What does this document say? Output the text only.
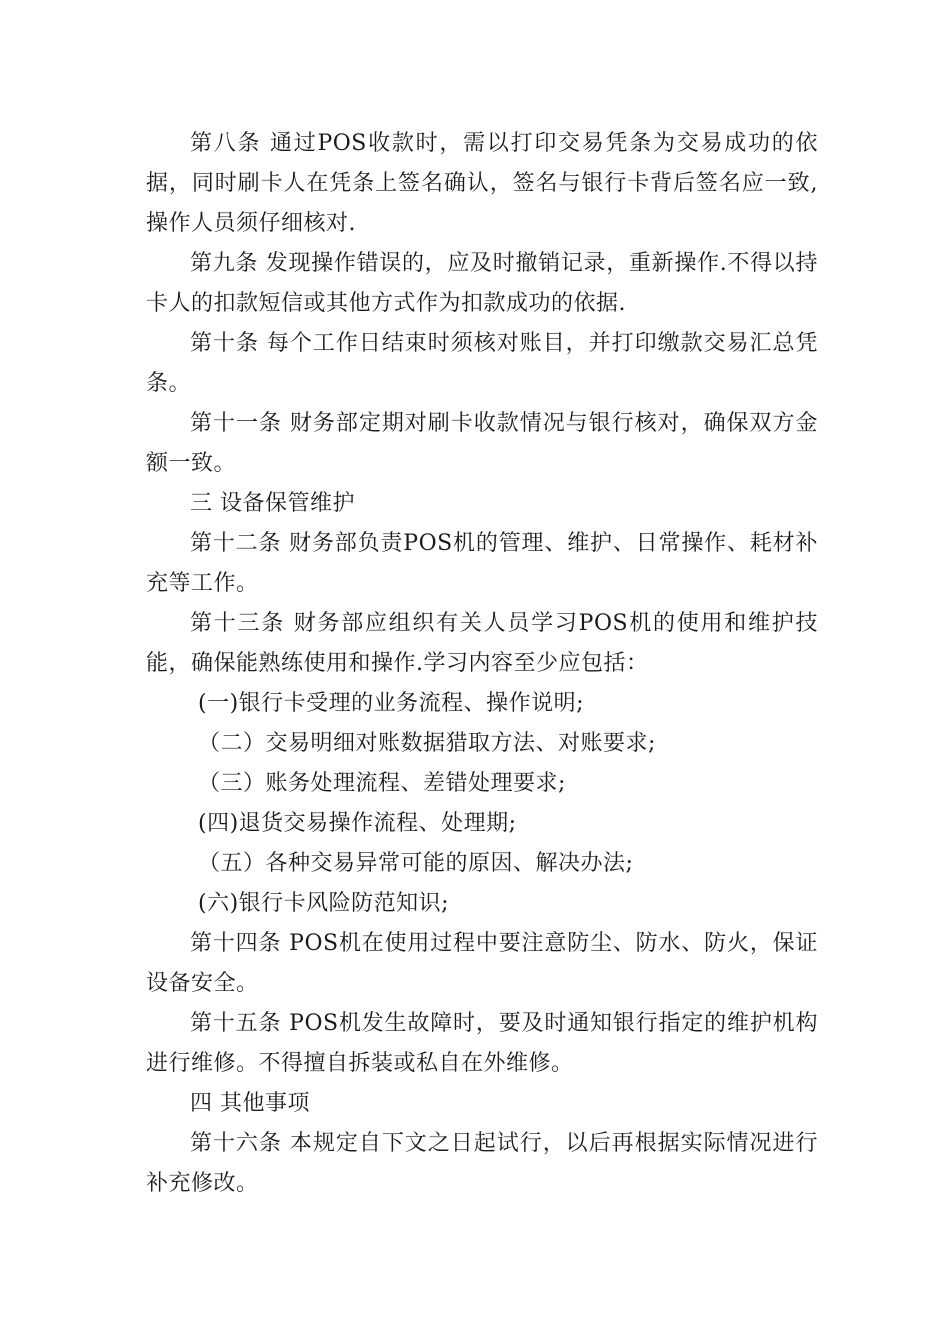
第八条 通过POS收款时，需以打印交易凭条为交易成功的依据，同时刷卡人在凭条上签名确认，签名与银行卡背后签名应一致, 操作人员须仔细核对.

第九条 发现操作错误的，应及时撤销记录，重新操作.不得以持卡人的扣款短信或其他方式作为扣款成功的依据.

第十条 每个工作日结束时须核对账目，并打印缴款交易汇总凭条。

第十一条 财务部定期对刷卡收款情况与银行核对，确保双方金额一致。

三 设备保管维护

第十二条 财务部负责POS机的管理、维护、日常操作、耗材补充等工作。

第十三条 财务部应组织有关人员学习POS机的使用和维护技能，确保能熟练使用和操作.学习内容至少应包括：

(一)银行卡受理的业务流程、操作说明;

（二）交易明细对账数据猎取方法、对账要求;

（三）账务处理流程、差错处理要求;

(四)退货交易操作流程、处理期;

（五）各种交易异常可能的原因、解决办法;

(六)银行卡风险防范知识;

第十四条 POS机在使用过程中要注意防尘、防水、防火，保证设备安全。

第十五条 POS机发生故障时，要及时通知银行指定的维护机构进行维修。不得擅自拆装或私自在外维修。

四 其他事项

第十六条 本规定自下文之日起试行，以后再根据实际情况进行补充修改。
